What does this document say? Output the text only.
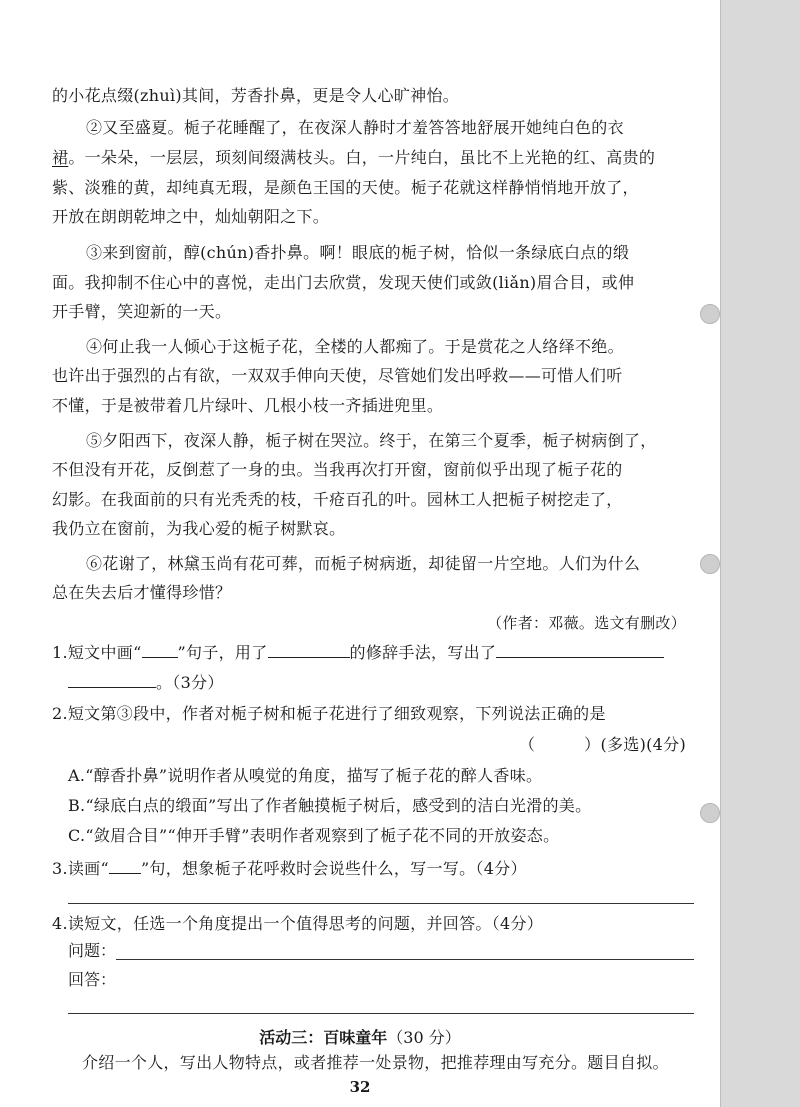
的小花点缀(zhuì)其间，芳香扑鼻，更是令人心旷神怡。
②又至盛夏。栀子花睡醒了，在夜深人静时才羞答答地舒展开她纯白色的衣
裙。一朵朵，一层层，顼刻间缀满枝头。白，一片纯白，虽比不上光艳的红、高贵的
紫、淡雅的黄，却纯真无瑕，是颜色王国的天使。栀子花就这样静悄悄地开放了，
开放在朗朗乾坤之中，灿灿朝阳之下。
③来到窗前，醇(chún)香扑鼻。啊！眼底的栀子树，恰似一条绿底白点的缎
面。我抑制不住心中的喜悦，走出门去欣赏，发现天使们或敛(liǎn)眉合目，或伸
开手臂，笑迎新的一天。
④何止我一人倾心于这栀子花，全楼的人都痴了。于是赏花之人络绎不绝。
也许出于强烈的占有欲，一双双手伸向天使，尽管她们发出呼救——可惜人们听
不懂，于是被带着几片绿叶、几根小枝一齐插进兜里。
⑤夕阳西下，夜深人静，栀子树在哭泣。终于，在第三个夏季，栀子树病倒了，
不但没有开花，反倒惹了一身的虫。当我再次打开窗，窗前似乎出现了栀子花的
幻影。在我面前的只有光秃秃的枝，千疮百孔的叶。园林工人把栀子树挖走了，
我仍立在窗前，为我心爱的栀子树默哀。
⑥花谢了，林黛玉尚有花可葬，而栀子树病逝，却徒留一片空地。人们为什么
总在失去后才懂得珍惜？
（作者：邓薇。选文有删改）
1.短文中画“ ”句子，用了	的修辞手法，写出了
。（3分）
2.短文第③段中，作者对栀子树和栀子花进行了细致观察，下列说法正确的是
（　　　）(多选)(4分)
A.“醇香扑鼻”说明作者从嗅觉的角度，描写了栀子花的醉人香味。
B.“绿底白点的缎面”写出了作者触摸栀子树后，感受到的洁白光滑的美。
C.“敛眉合目”“伸开手臂”表明作者观察到了栀子花不同的开放姿态。
3.读画“ ”句，想象栀子花呼救时会说些什么，写一写。（4分）
4.读短文，任选一个角度提出一个值得思考的问题，并回答。（4分）
问题：
回答：
活动三：百味童年（30 分）
介绍一个人，写出人物特点，或者推荐一处景物，把推荐理由写充分。题目自拟。
32
